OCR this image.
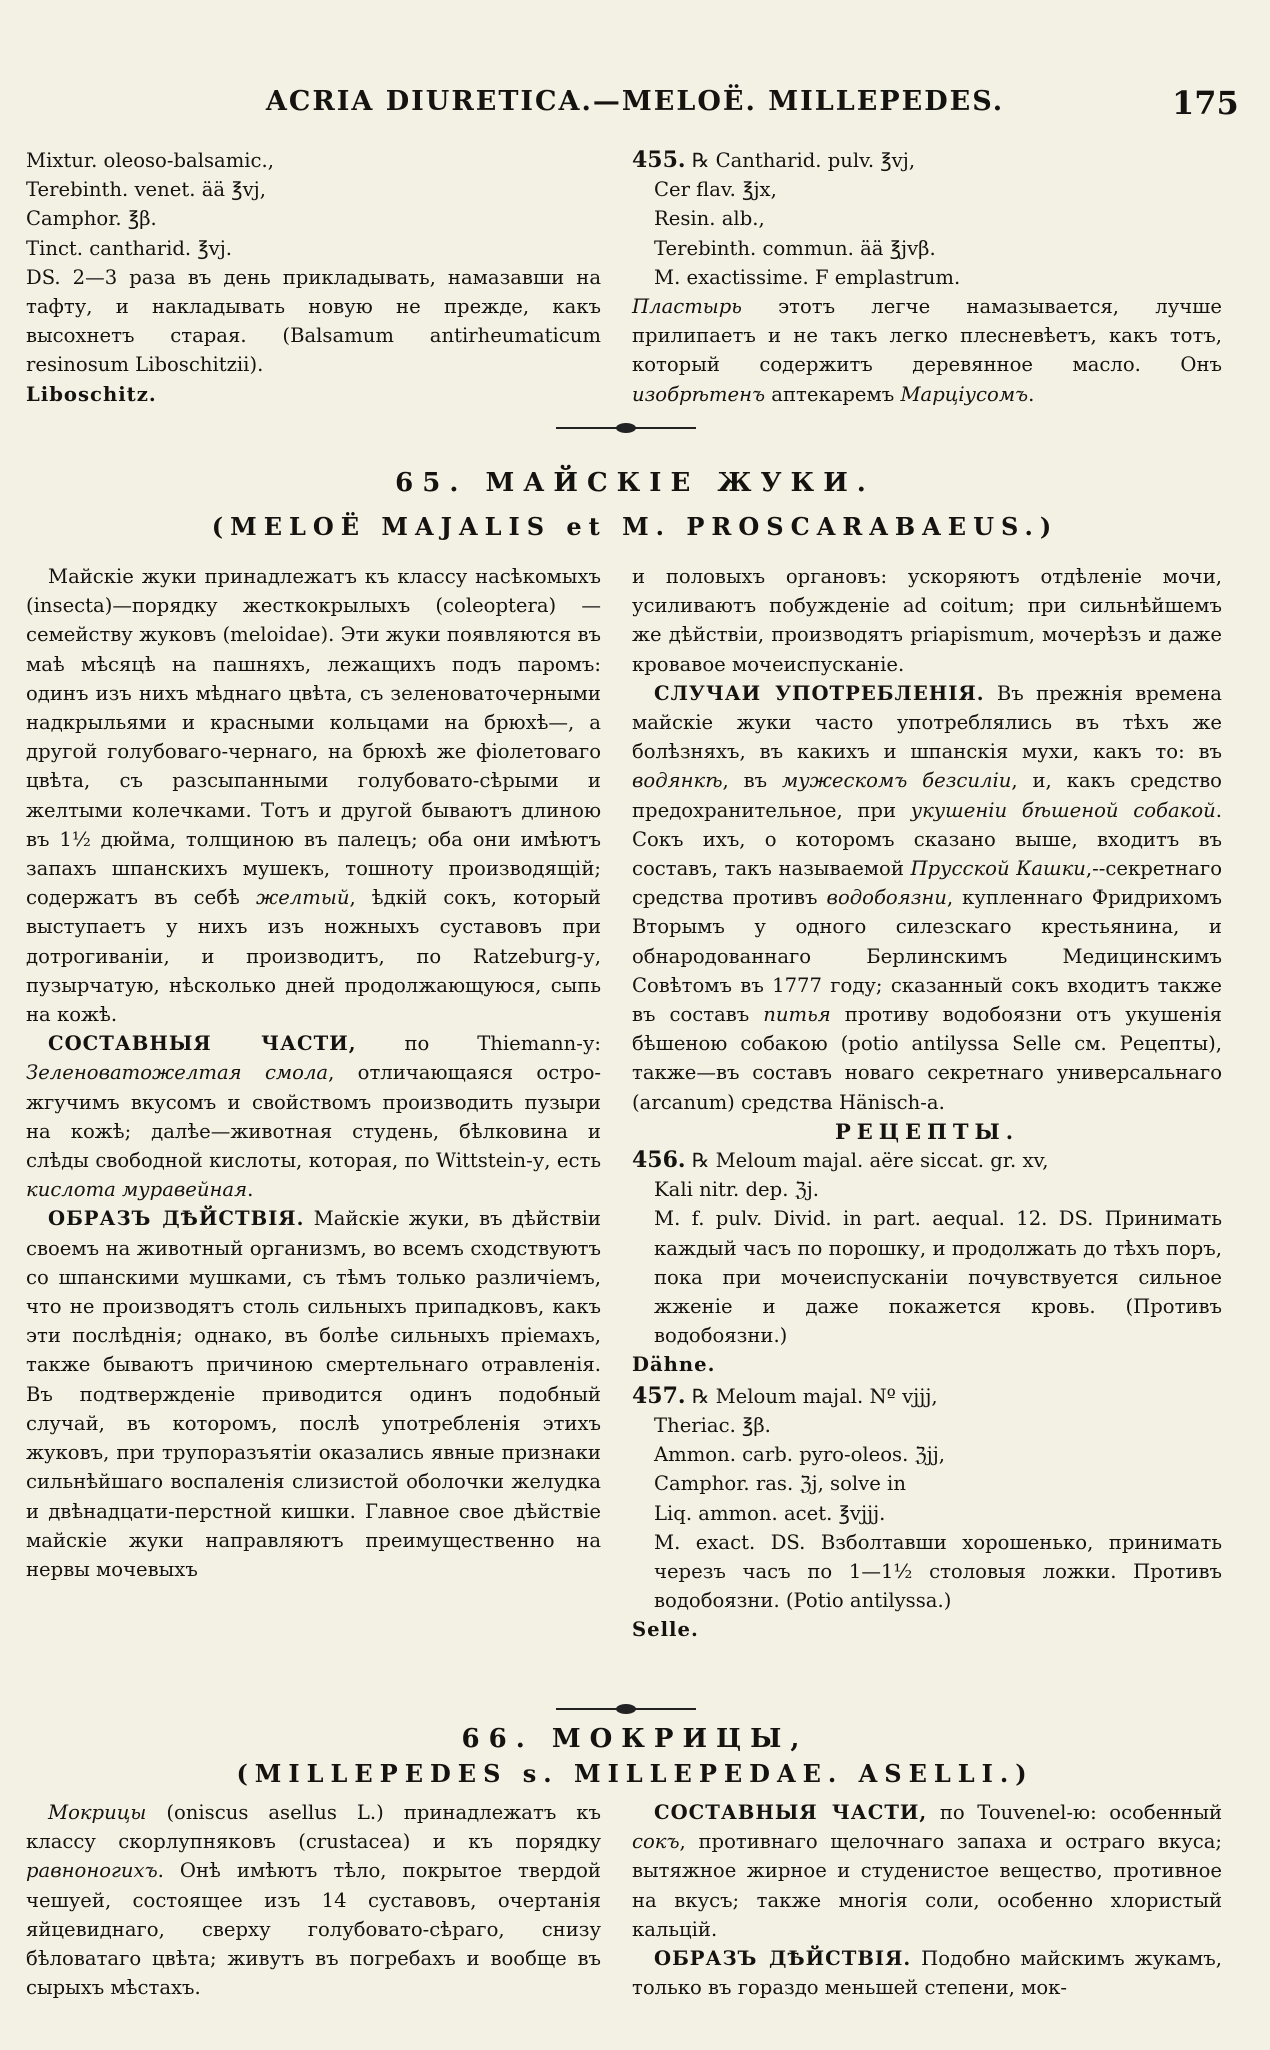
ACRIA DIURETICA.—MELOË. MILLEPEDES.	175

Mixtur. oleoso-balsamic.,

Terebinth. venet. ää ℥vj,

Camphor. ℥β.

Tinct. cantharid. ℥vj.

DS. 2—3 раза въ день прикладывать, намазавши на тафту, и накладывать новую не прежде, какъ высохнетъ старая. (Balsamum antirheumaticum resinosum Liboschitzii).

Liboschitz.

455. ℞ Cantharid. pulv. ℥vj,

Cer flav. ℥jx,

Resin. alb.,

Terebinth. commun. ää ℥jvβ.

M. exactissime. F emplastrum.

Пластырь этотъ легче намазывается, лучше прилипаетъ и не такъ легко плесневѣетъ, какъ тотъ, который содержитъ деревянное масло. Онъ изобрѣтенъ аптекаремъ Марціусомъ.

65. МАЙСКІЕ ЖУКИ.
(MELOË MAJALIS et M. PROSCARABAEUS.)

Майскіе жуки принадлежатъ къ классу насѣкомыхъ (insecta)—порядку жесткокрылыхъ (coleoptera) — семейству жуковъ (meloidae). Эти жуки появляются въ маѣ мѣсяцѣ на пашняхъ, лежащихъ подъ паромъ: одинъ изъ нихъ мѣднаго цвѣта, съ зеленоваточерными надкрыльями и красными кольцами на брюхѣ—, а другой голубоваго-чернаго, на брюхѣ же фіолетоваго цвѣта, съ разсыпанными голубовато-сѣрыми и желтыми колечками. Тотъ и другой бываютъ длиною въ 1½ дюйма, толщиною въ палецъ; оба они имѣютъ запахъ шпанскихъ мушекъ, тошноту производящій; содержатъ въ себѣ желтый, ѣдкій сокъ, который выступаетъ у нихъ изъ ножныхъ суставовъ при дотрогиваніи, и производитъ, по Ratzeburg-у, пузырчатую, нѣсколько дней продолжающуюся, сыпь на кожѣ.

СОСТАВНЫЯ ЧАСТИ, по Thiemann-у: Зеленоватожелтая смола, отличающаяся остро-жгучимъ вкусомъ и свойствомъ производить пузыри на кожѣ; далѣе—животная студень, бѣлковина и слѣды свободной кислоты, которая, по Wittstein-у, есть кислота муравейная.

ОБРАЗЪ ДѢЙСТВІЯ. Майскіе жуки, въ дѣйствіи своемъ на животный организмъ, во всемъ сходствуютъ со шпанскими мушками, съ тѣмъ только различіемъ, что не производятъ столь сильныхъ припадковъ, какъ эти послѣднія; однако, въ болѣе сильныхъ пріемахъ, также бываютъ причиною смертельнаго отравленія. Въ подтвержденіе приводится одинъ подобный случай, въ которомъ, послѣ употребленія этихъ жуковъ, при трупоразъятіи оказались явные признаки сильнѣйшаго воспаленія слизистой оболочки желудка и двѣнадцати-перстной кишки. Главное свое дѣйствіе майскіе жуки направляютъ преимущественно на нервы мочевыхъ

и половыхъ органовъ: ускоряютъ отдѣленіе мочи, усиливаютъ побужденіе ad coitum; при сильнѣйшемъ же дѣйствіи, производятъ priapismum, мочерѣзъ и даже кровавое мочеиспусканіе.

СЛУЧАИ УПОТРЕБЛЕНІЯ. Въ прежнія времена майскіе жуки часто употреблялись въ тѣхъ же болѣзняхъ, въ какихъ и шпанскія мухи, какъ то: въ водянкѣ, въ мужескомъ безсиліи, и, какъ средство предохранительное, при укушеніи бѣшеной собакой. Сокъ ихъ, о которомъ сказано выше, входитъ въ составъ, такъ называемой Прусской Кашки,--секретнаго средства противъ водобоязни, купленнаго Фридрихомъ Вторымъ у одного силезскаго крестьянина, и обнародованнаго Берлинскимъ Медицинскимъ Совѣтомъ въ 1777 году; сказанный сокъ входитъ также въ составъ питья противу водобоязни отъ укушенія бѣшеною собакою (potio antilyssa Selle см. Рецепты), также—въ составъ новаго секретнаго универсальнаго (arcanum) средства Hänisch-а.

РЕЦЕПТЫ.

456. ℞ Meloum majal. aëre siccat. gr. xv,

Kali nitr. dep. ℨj.

M. f. pulv. Divid. in part. aequal. 12. DS. Принимать каждый часъ по порошку, и продолжать до тѣхъ поръ, пока при мочеиспусканіи почувствуется сильное жженіе и даже покажется кровь. (Противъ водобоязни.)

Dähne.

457. ℞ Meloum majal. Nº vjjj,

Theriac. ℥β.

Ammon. carb. pyro-oleos. ℨjj,

Camphor. ras. ℨj, solve in

Liq. ammon. acet. ℥vjjj.

M. exact. DS. Взболтавши хорошенько, принимать черезъ часъ по 1—1½ столовыя ложки. Противъ водобоязни. (Potio antilyssa.)

Selle.

66. МОКРИЦЫ,
(MILLEPEDES s. MILLEPEDAE. ASELLI.)

Мокрицы (oniscus asellus L.) принадлежатъ къ классу скорлупняковъ (crustacea) и къ порядку равноногихъ. Онѣ имѣютъ тѣло, покрытое твердой чешуей, состоящее изъ 14 суставовъ, очертанія яйцевиднаго, сверху голубовато-сѣраго, снизу бѣловатаго цвѣта; живутъ въ погребахъ и вообще въ сырыхъ мѣстахъ.

СОСТАВНЫЯ ЧАСТИ, по Touvenel-ю: особенный сокъ, противнаго щелочнаго запаха и остраго вкуса; вытяжное жирное и студенистое вещество, противное на вкусъ; также многія соли, особенно хлористый кальцій.

ОБРАЗЪ ДѢЙСТВІЯ. Подобно майскимъ жукамъ, только въ гораздо меньшей степени, мок-
